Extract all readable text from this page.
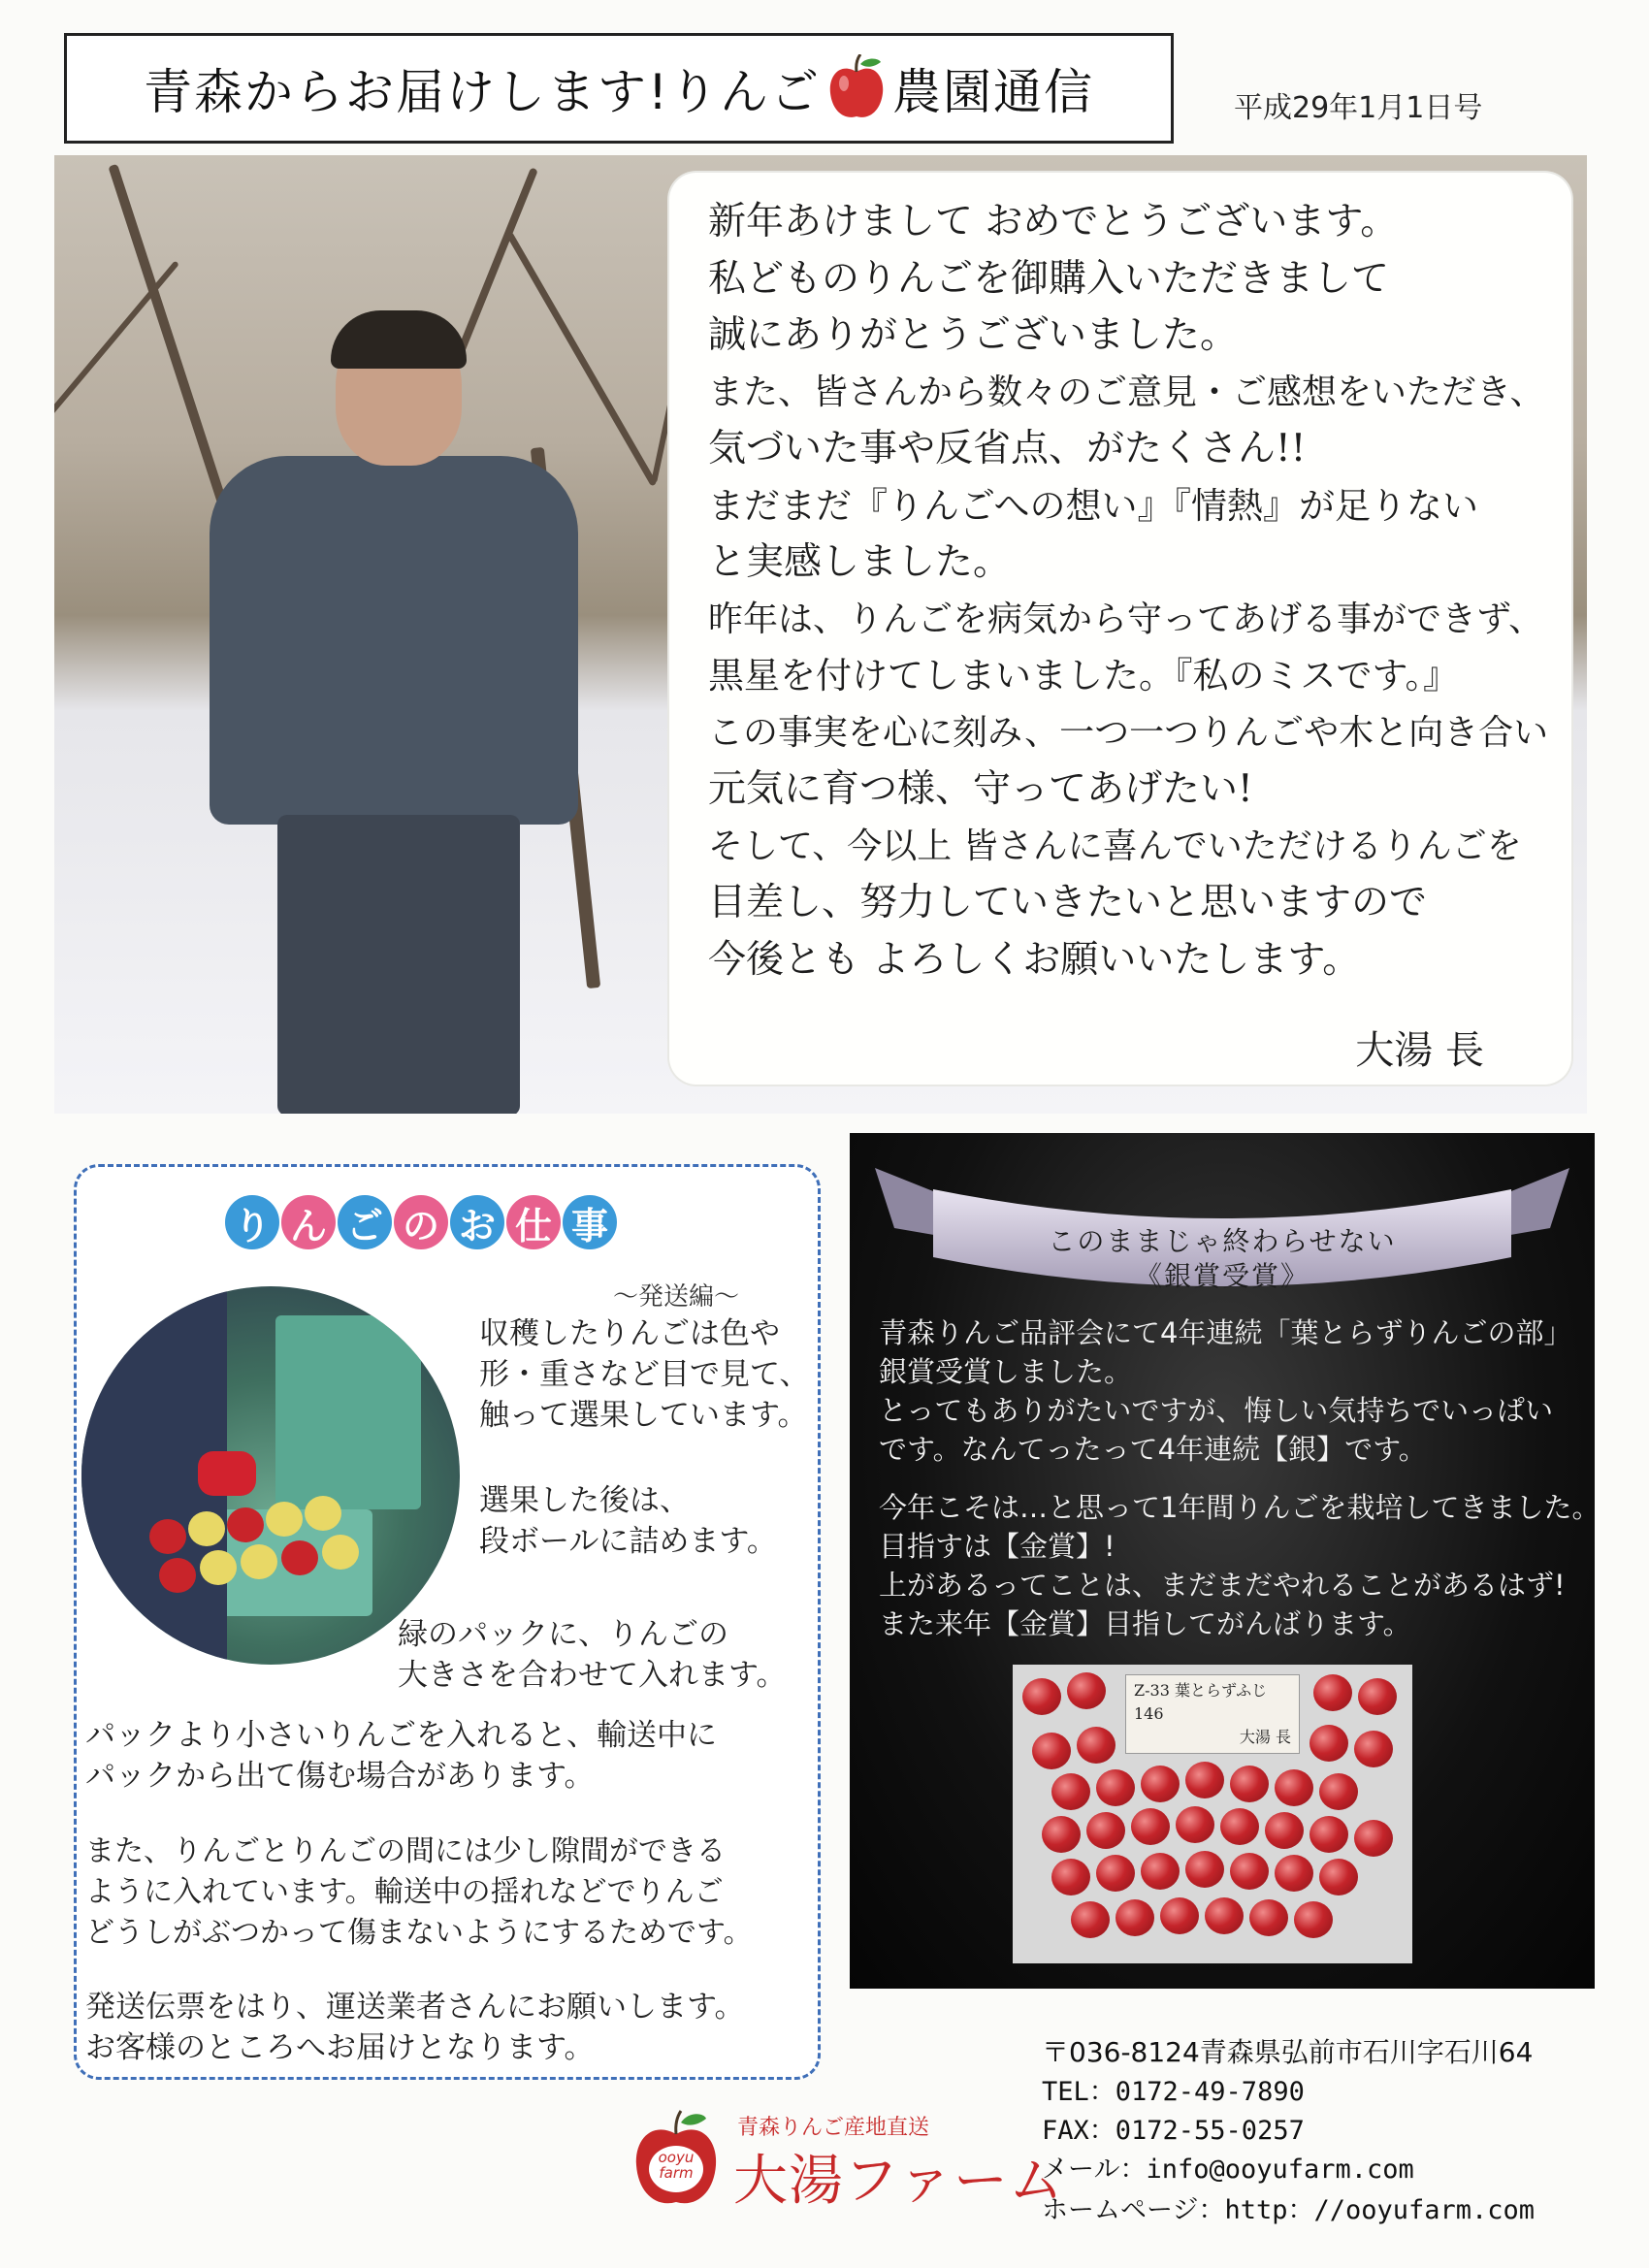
青森からお届けします!りんご 農園通信	平成29年1月1日号
新年あけまして おめでとうございます。
私どものりんごを御購入いただきまして
誠にありがとうございました。
また、皆さんから数々のご意見・ご感想をいただき、
気づいた事や反省点、がたくさん!!
まだまだ『りんごへの想い』『情熱』が足りない
と実感しました。
昨年は、りんごを病気から守ってあげる事ができず、
黒星を付けてしまいました。『私のミスです。』
この事実を心に刻み、一つ一つりんごや木と向き合い
元気に育つ様、守ってあげたい!
そして、今以上 皆さんに喜んでいただけるりんごを
目差し、努力していきたいと思いますので
今後とも よろしくお願いいたします。
大湯 長
り ん ご の お 仕 事
～発送編～
収穫したりんごは色や
形・重さなど目で見て、
触って選果しています。
選果した後は、
段ボールに詰めます。
緑のパックに、りんごの
大きさを合わせて入れます。
パックより小さいりんごを入れると、輸送中に
パックから出て傷む場合があります。
また、りんごとりんごの間には少し隙間ができる
ように入れています。輸送中の揺れなどでりんご
どうしがぶつかって傷まないようにするためです。
発送伝票をはり、運送業者さんにお願いします。
お客様のところへお届けとなります。
このままじゃ終わらせない
《銀賞受賞》
青森りんご品評会にて4年連続「葉とらずりんごの部」
銀賞受賞しました。
とってもありがたいですが、悔しい気持ちでいっぱい
です。なんてったって4年連続【銀】です。
今年こそは…と思って1年間りんごを栽培してきました。
目指すは【金賞】!
上があるってことは、まだまだやれることがあるはず!
また来年【金賞】目指してがんばります。
Z-33 葉とらずふじ146
大湯 長
〒036-8124青森県弘前市石川字石川64
TEL：0172-49-7890
FAX：0172-55-0257
メール：info@ooyufarm.com
ホームページ：http：//ooyufarm.com
ooyu
farm
青森りんご産地直送
大湯ファーム
